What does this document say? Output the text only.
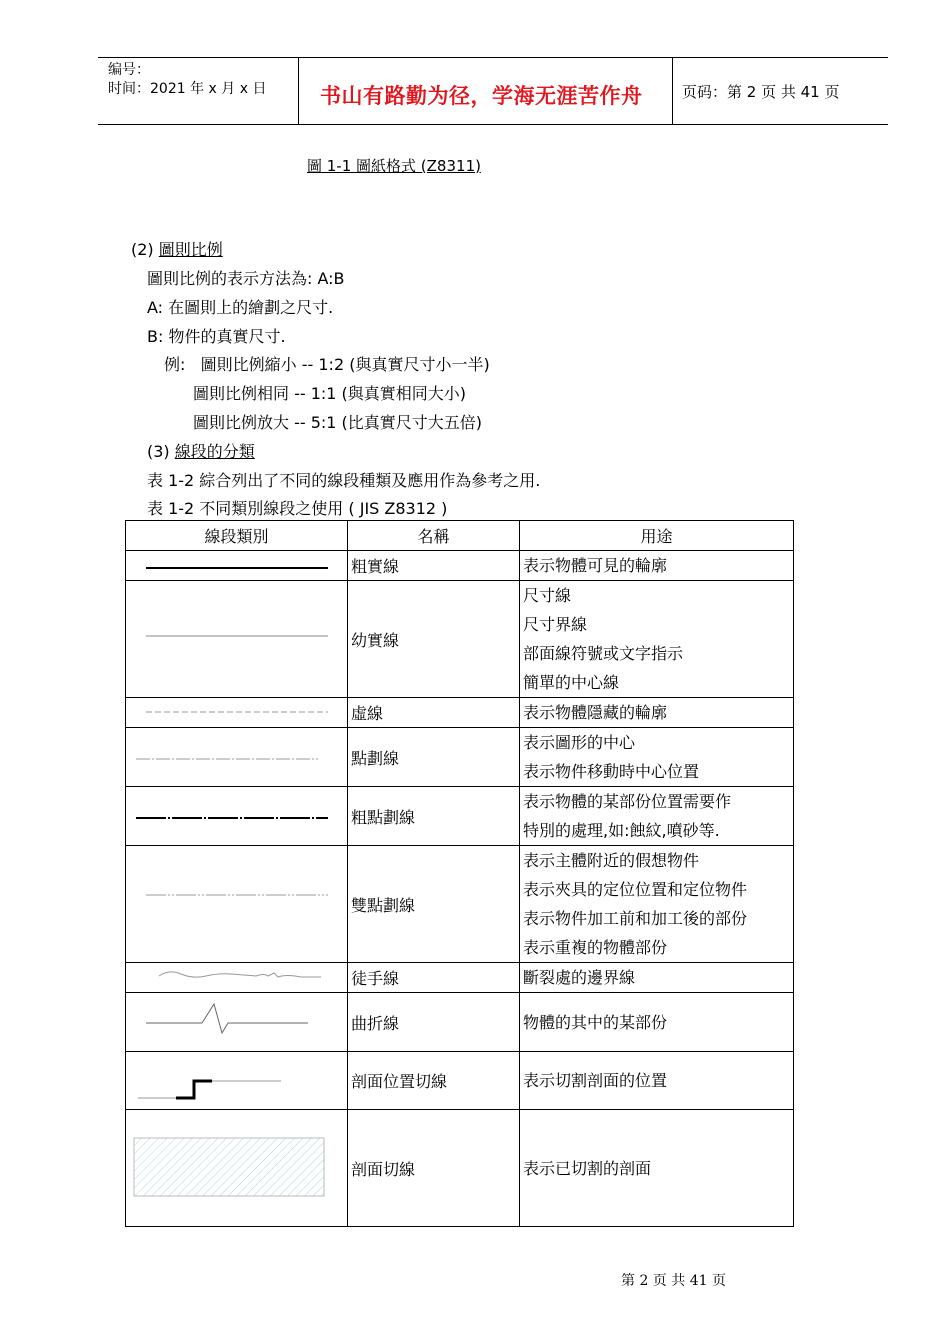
编号：
时间：2021 年 x 月 x 日	书山有路勤为径，学海无涯苦作舟	页码：第 2 页 共 41 页
圖 1-1 圖紙格式 (Z8311)
(2) 圖則比例
圖則比例的表示方法為: A:B
A: 在圖則上的繪劃之尺寸.
B: 物件的真實尺寸.
例:   圖則比例縮小 -- 1:2 (與真實尺寸小一半)
圖則比例相同 -- 1:1 (與真實相同大小)
圖則比例放大 -- 5:1 (比真實尺寸大五倍)
(3) 線段的分類
表 1-2 綜合列出了不同的線段種類及應用作為參考之用.
表 1-2 不同類別線段之使用 ( JIS Z8312 )
線段類別	名稱	用途

	粗實線	表示物體可見的輪廓

	幼實線	尺寸線
尺寸界線
部面線符號或文字指示
簡單的中心線

	虛線	表示物體隱藏的輪廓

	點劃線	表示圖形的中心
表示物件移動時中心位置

	粗點劃線	表示物體的某部份位置需要作
特別的處理,如:蝕紋,噴砂等.

	雙點劃線	表示主體附近的假想物件
表示夾具的定位位置和定位物件
表示物件加工前和加工後的部份
表示重複的物體部份

	徒手線	斷裂處的邊界線

	曲折線	物體的其中的某部份

	剖面位置切線	表示切割剖面的位置

	剖面切線	表示已切割的剖面
第 2 页 共 41 页
